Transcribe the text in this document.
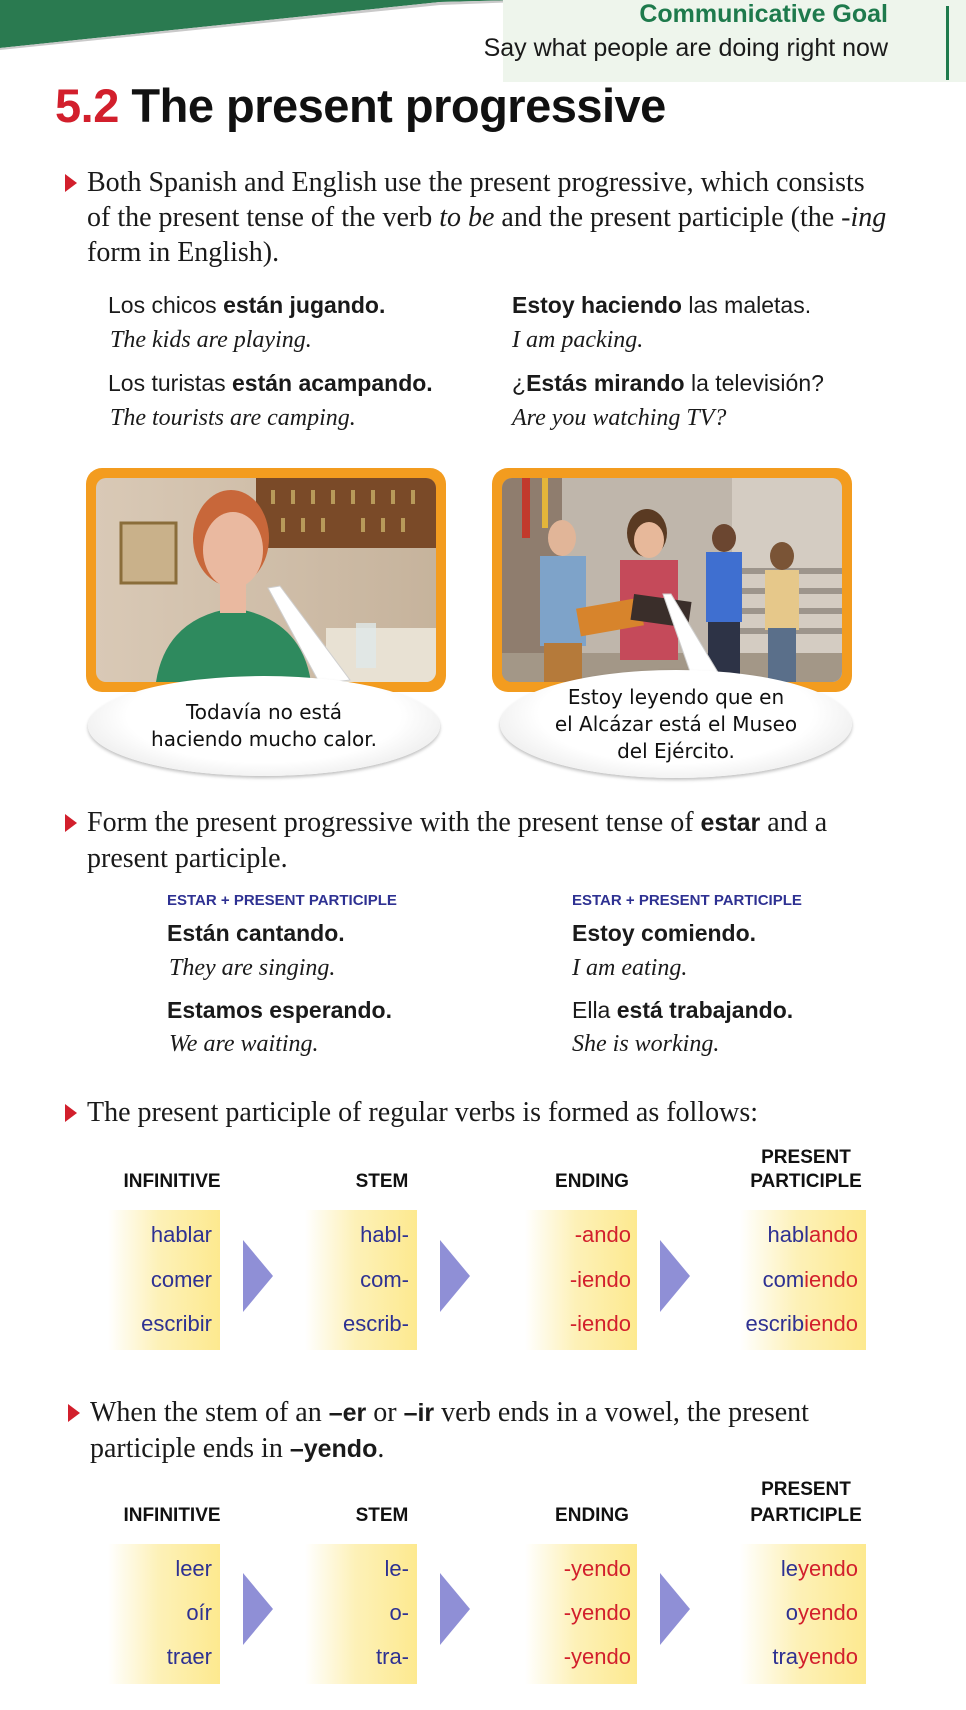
Communicative Goal
Say what people are doing right now
5.2 The present progressive
Both Spanish and English use the present progressive, which consists
of the present tense of the verb to be and the present participle (the -ing
form in English).
Los chicos están jugando.
The kids are playing.
Estoy haciendo las maletas.
I am packing.
Los turistas están acampando.
The tourists are camping.
¿Estás mirando la televisión?
Are you watching TV?
Todavía no está
haciendo mucho calor.
Estoy leyendo que en
el Alcázar está el Museo
del Ejército.
Form the present progressive with the present tense of estar and a
present participle.
ESTAR + PRESENT PARTICIPLE	ESTAR + PRESENT PARTICIPLE
Están cantando.
They are singing.
Estoy comiendo.
I am eating.
Estamos esperando.
We are waiting.
Ella está trabajando.
She is working.
The present participle of regular verbs is formed as follows:
INFINITIVE	STEM	ENDING
PRESENT
PARTICIPLE
hablar	habl-	-ando	hablando
comer	com-	-iendo	comiendo
escribir	escrib-	-iendo	escribiendo
When the stem of an –er or –ir verb ends in a vowel, the present
participle ends in –yendo.
INFINITIVE	STEM	ENDING
PRESENT
PARTICIPLE
leer	le-	-yendo	leyendo
oír	o-	-yendo	oyendo
traer	tra-	-yendo	trayendo
